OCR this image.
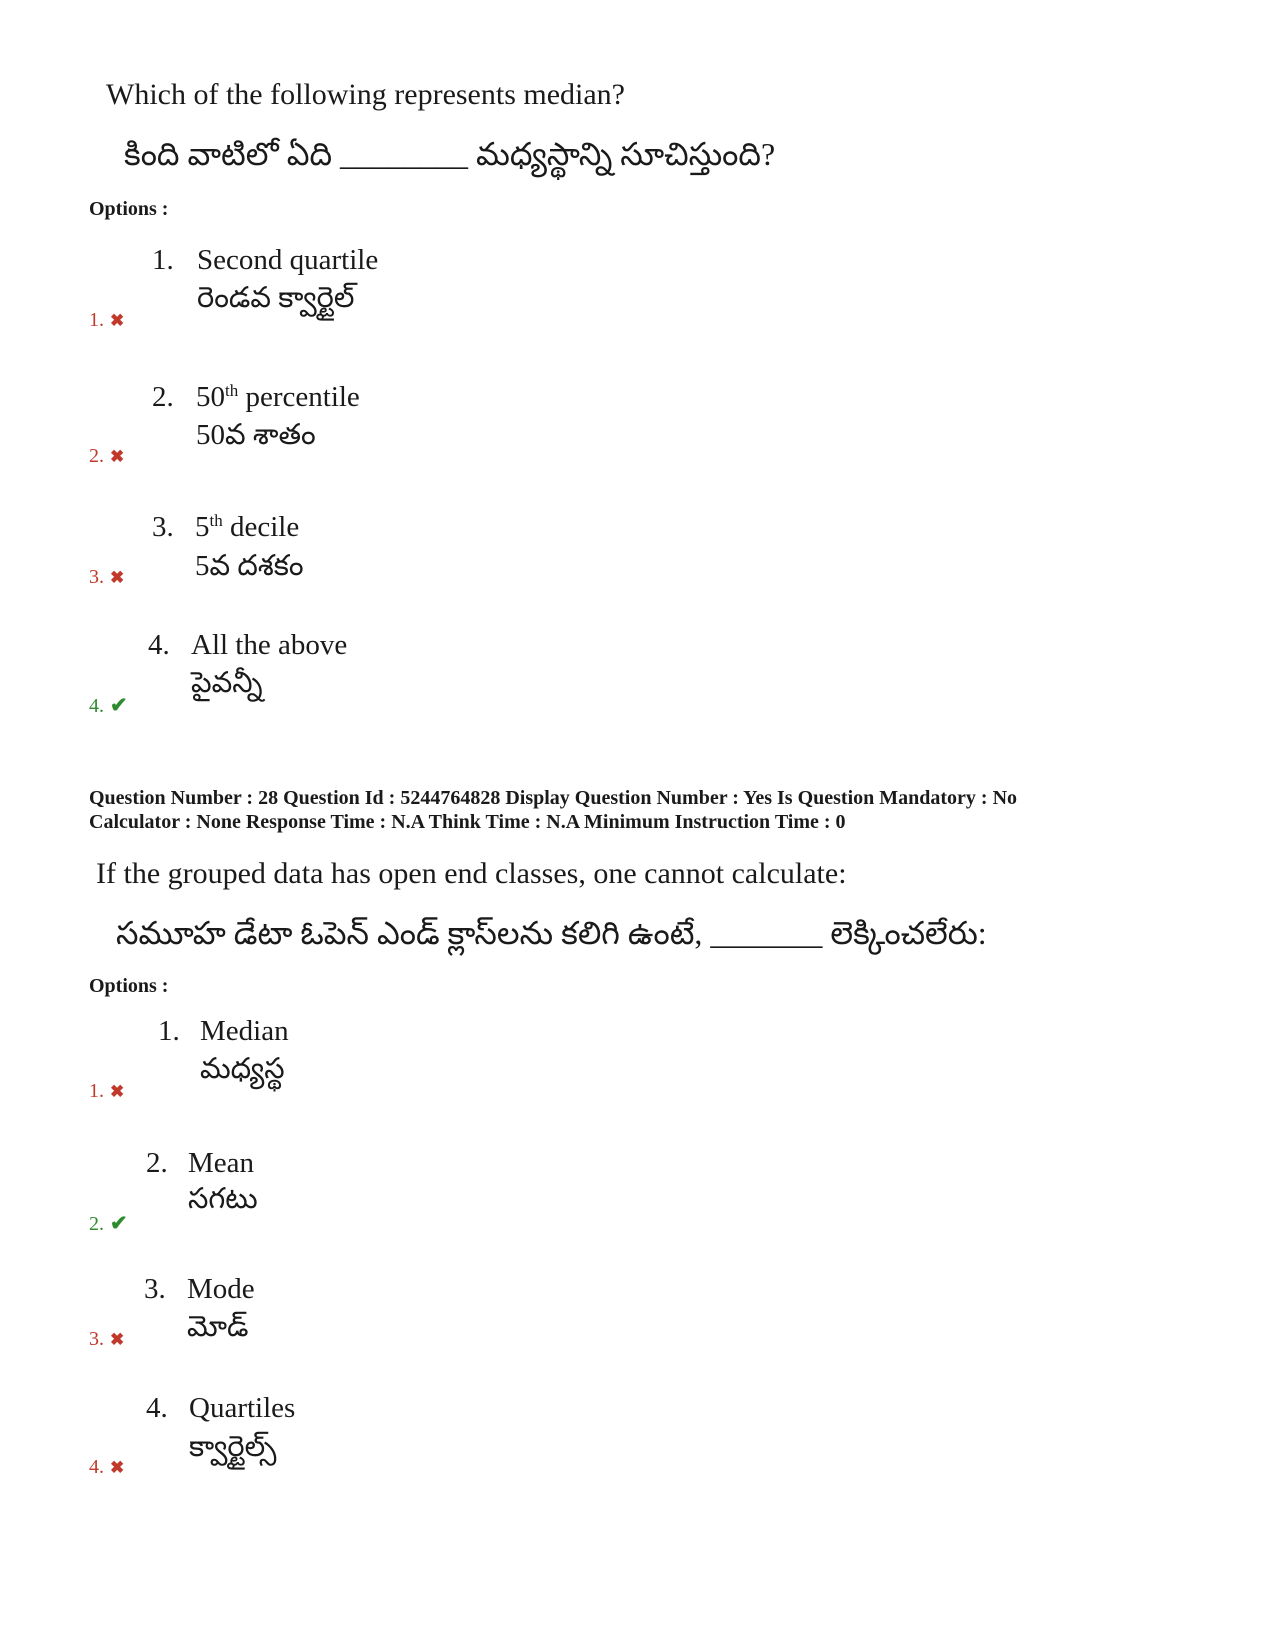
Which of the following represents median?
కింది వాటిలో ఏది ________ మధ్యస్థాన్ని సూచిస్తుంది?
Options :
1. Second quartile
రెండవ క్వార్టైల్
1. ✖
2. 50th percentile
50వ శాతం
2. ✖
3. 5th decile
5వ దశకం
3. ✖
4. All the above
పైవన్నీ
4. ✔
Question Number : 28 Question Id : 5244764828 Display Question Number : Yes Is Question Mandatory : No
Calculator : None Response Time : N.A Think Time : N.A Minimum Instruction Time : 0
If the grouped data has open end classes, one cannot calculate:
సమూహ డేటా ఓపెన్ ఎండ్ క్లాస్‌లను కలిగి ఉంటే, _______ లెక్కించలేరు:
Options :
1. Median
మధ్యస్థ
1. ✖
2. Mean
సగటు
2. ✔
3. Mode
మోడ్
3. ✖
4. Quartiles
క్వార్టైల్స్
4. ✖
